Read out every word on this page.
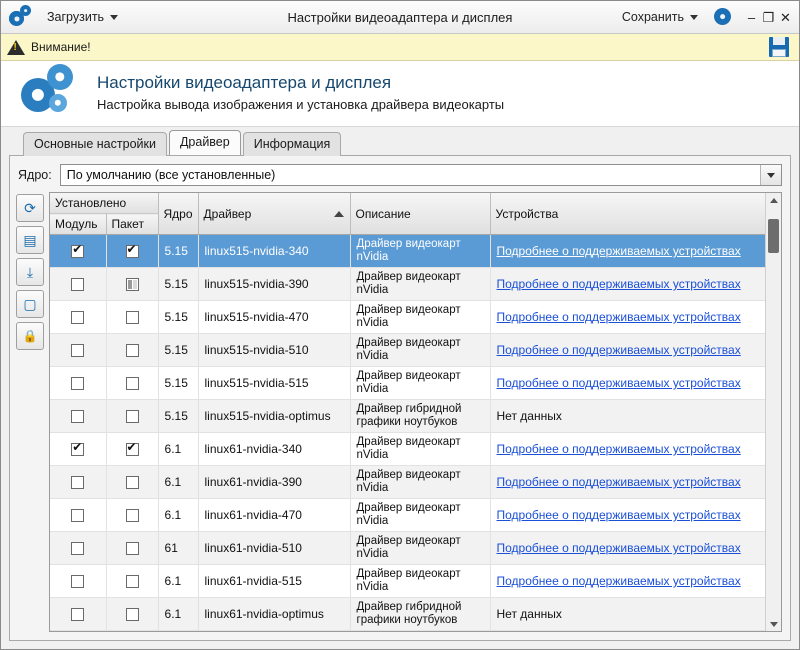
Загрузить	Настройки видеоадаптера и дисплея	Сохранить	– ❐ ✕
!
Внимание!
Настройки видеоадаптера и дисплея
Настройка вывода изображения и установка драйвера видеокарты
Основные настройки	Драйвер	Информация
Ядро:	По умолчанию (все установленные)
⟳
▤
⤓
▢
🔒
Установлено		Ядро	Драйвер	Описание	Устройства
Модуль	Пакет				
✔	✔	5.15	linux515-nvidia-340	Драйвер видеокарт nVidia	Подробнее о поддерживаемых устройствах
		5.15	linux515-nvidia-390	Драйвер видеокарт nVidia	Подробнее о поддерживаемых устройствах
		5.15	linux515-nvidia-470	Драйвер видеокарт nVidia	Подробнее о поддерживаемых устройствах
		5.15	linux515-nvidia-510	Драйвер видеокарт nVidia	Подробнее о поддерживаемых устройствах
		5.15	linux515-nvidia-515	Драйвер видеокарт nVidia	Подробнее о поддерживаемых устройствах
		5.15	linux515-nvidia-optimus	Драйвер гибридной графики ноутбуков	Нет данных
✔	✔	6.1	linux61-nvidia-340	Драйвер видеокарт nVidia	Подробнее о поддерживаемых устройствах
		6.1	linux61-nvidia-390	Драйвер видеокарт nVidia	Подробнее о поддерживаемых устройствах
		6.1	linux61-nvidia-470	Драйвер видеокарт nVidia	Подробнее о поддерживаемых устройствах
		61	linux61-nvidia-510	Драйвер видеокарт nVidia	Подробнее о поддерживаемых устройствах
		6.1	linux61-nvidia-515	Драйвер видеокарт nVidia	Подробнее о поддерживаемых устройствах
		6.1	linux61-nvidia-optimus	Драйвер гибридной графики ноутбуков	Нет данных
